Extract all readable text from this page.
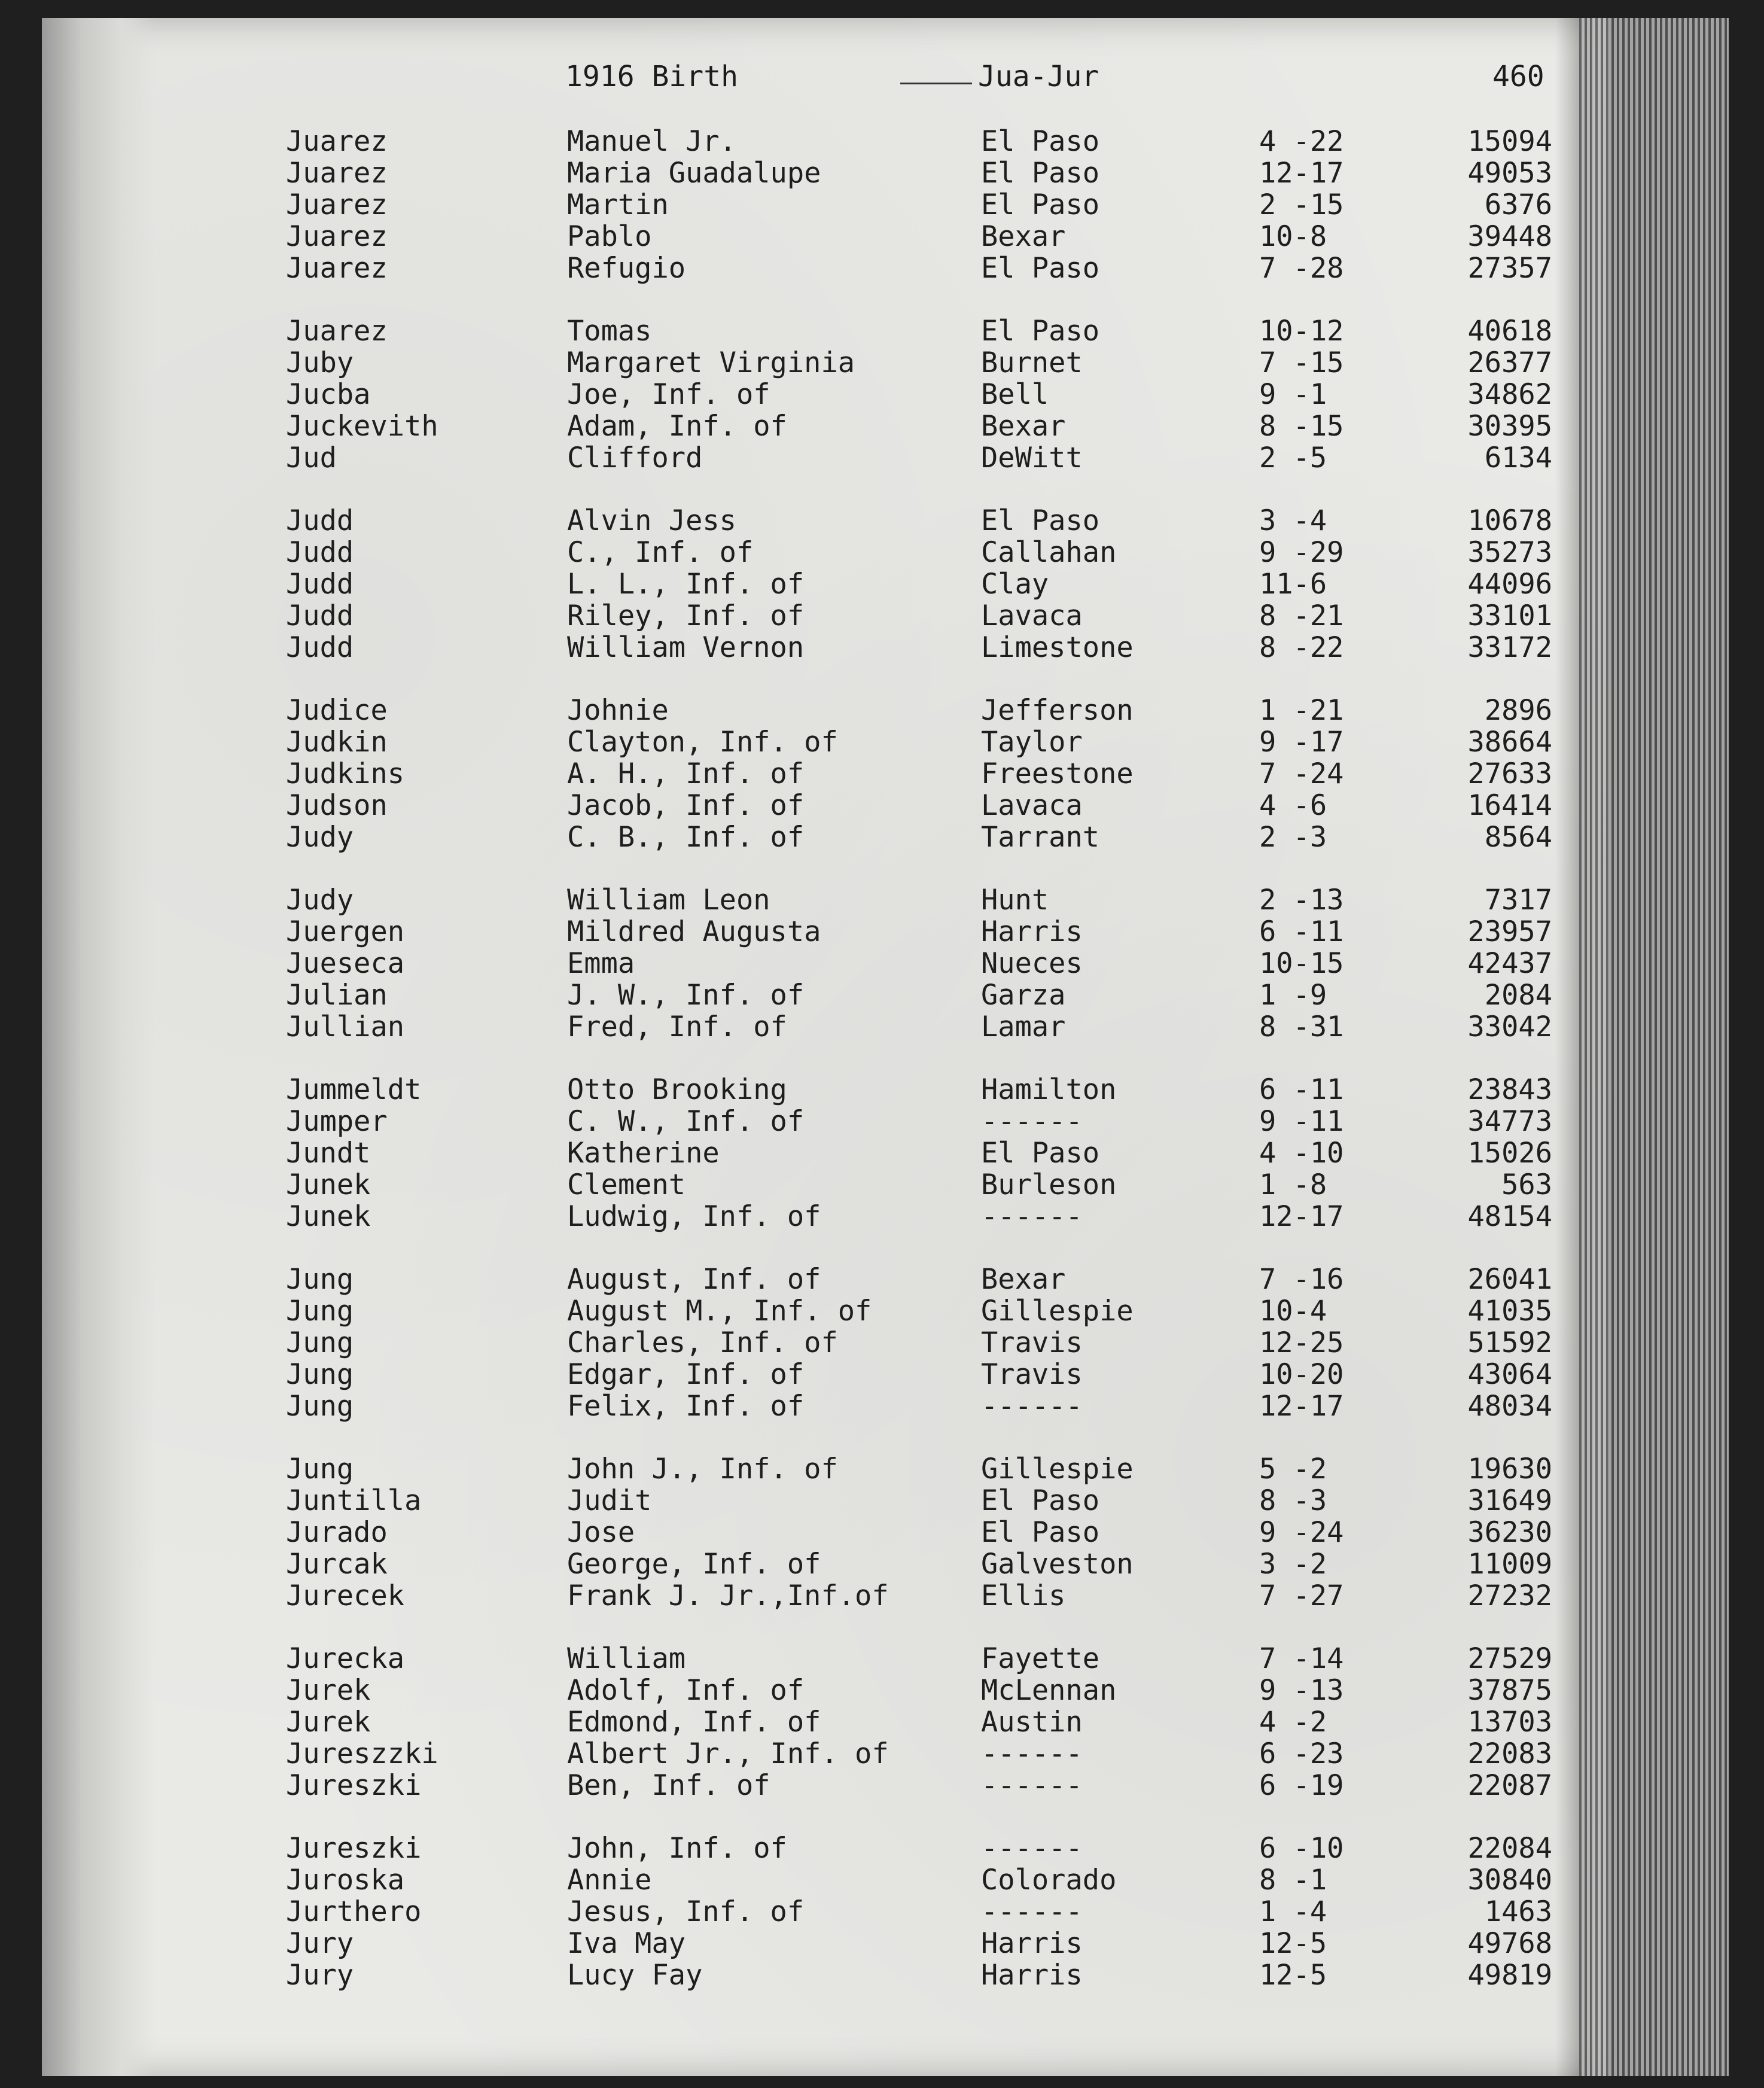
1916 Birth	Jua-Jur	460
Juarez	Manuel Jr.	El Paso	4 -22	15094
Juarez	Maria Guadalupe	El Paso	12-17	49053
Juarez	Martin	El Paso	2 -15	6376
Juarez	Pablo	Bexar	10-8	39448
Juarez	Refugio	El Paso	7 -28	27357
Juarez	Tomas	El Paso	10-12	40618
Juby	Margaret Virginia	Burnet	7 -15	26377
Jucba	Joe, Inf. of	Bell	9 -1	34862
Juckevith	Adam, Inf. of	Bexar	8 -15	30395
Jud	Clifford	DeWitt	2 -5	6134
Judd	Alvin Jess	El Paso	3 -4	10678
Judd	C., Inf. of	Callahan	9 -29	35273
Judd	L. L., Inf. of	Clay	11-6	44096
Judd	Riley, Inf. of	Lavaca	8 -21	33101
Judd	William Vernon	Limestone	8 -22	33172
Judice	Johnie	Jefferson	1 -21	2896
Judkin	Clayton, Inf. of	Taylor	9 -17	38664
Judkins	A. H., Inf. of	Freestone	7 -24	27633
Judson	Jacob, Inf. of	Lavaca	4 -6	16414
Judy	C. B., Inf. of	Tarrant	2 -3	8564
Judy	William Leon	Hunt	2 -13	7317
Juergen	Mildred Augusta	Harris	6 -11	23957
Jueseca	Emma	Nueces	10-15	42437
Julian	J. W., Inf. of	Garza	1 -9	2084
Jullian	Fred, Inf. of	Lamar	8 -31	33042
Jummeldt	Otto Brooking	Hamilton	6 -11	23843
Jumper	C. W., Inf. of	------	9 -11	34773
Jundt	Katherine	El Paso	4 -10	15026
Junek	Clement	Burleson	1 -8	563
Junek	Ludwig, Inf. of	------	12-17	48154
Jung	August, Inf. of	Bexar	7 -16	26041
Jung	August M., Inf. of	Gillespie	10-4	41035
Jung	Charles, Inf. of	Travis	12-25	51592
Jung	Edgar, Inf. of	Travis	10-20	43064
Jung	Felix, Inf. of	------	12-17	48034
Jung	John J., Inf. of	Gillespie	5 -2	19630
Juntilla	Judit	El Paso	8 -3	31649
Jurado	Jose	El Paso	9 -24	36230
Jurcak	George, Inf. of	Galveston	3 -2	11009
Jurecek	Frank J. Jr.,Inf.of	Ellis	7 -27	27232
Jurecka	William	Fayette	7 -14	27529
Jurek	Adolf, Inf. of	McLennan	9 -13	37875
Jurek	Edmond, Inf. of	Austin	4 -2	13703
Jureszzki	Albert Jr., Inf. of	------	6 -23	22083
Jureszki	Ben, Inf. of	------	6 -19	22087
Jureszki	John, Inf. of	------	6 -10	22084
Juroska	Annie	Colorado	8 -1	30840
Jurthero	Jesus, Inf. of	------	1 -4	1463
Jury	Iva May	Harris	12-5	49768
Jury	Lucy Fay	Harris	12-5	49819
